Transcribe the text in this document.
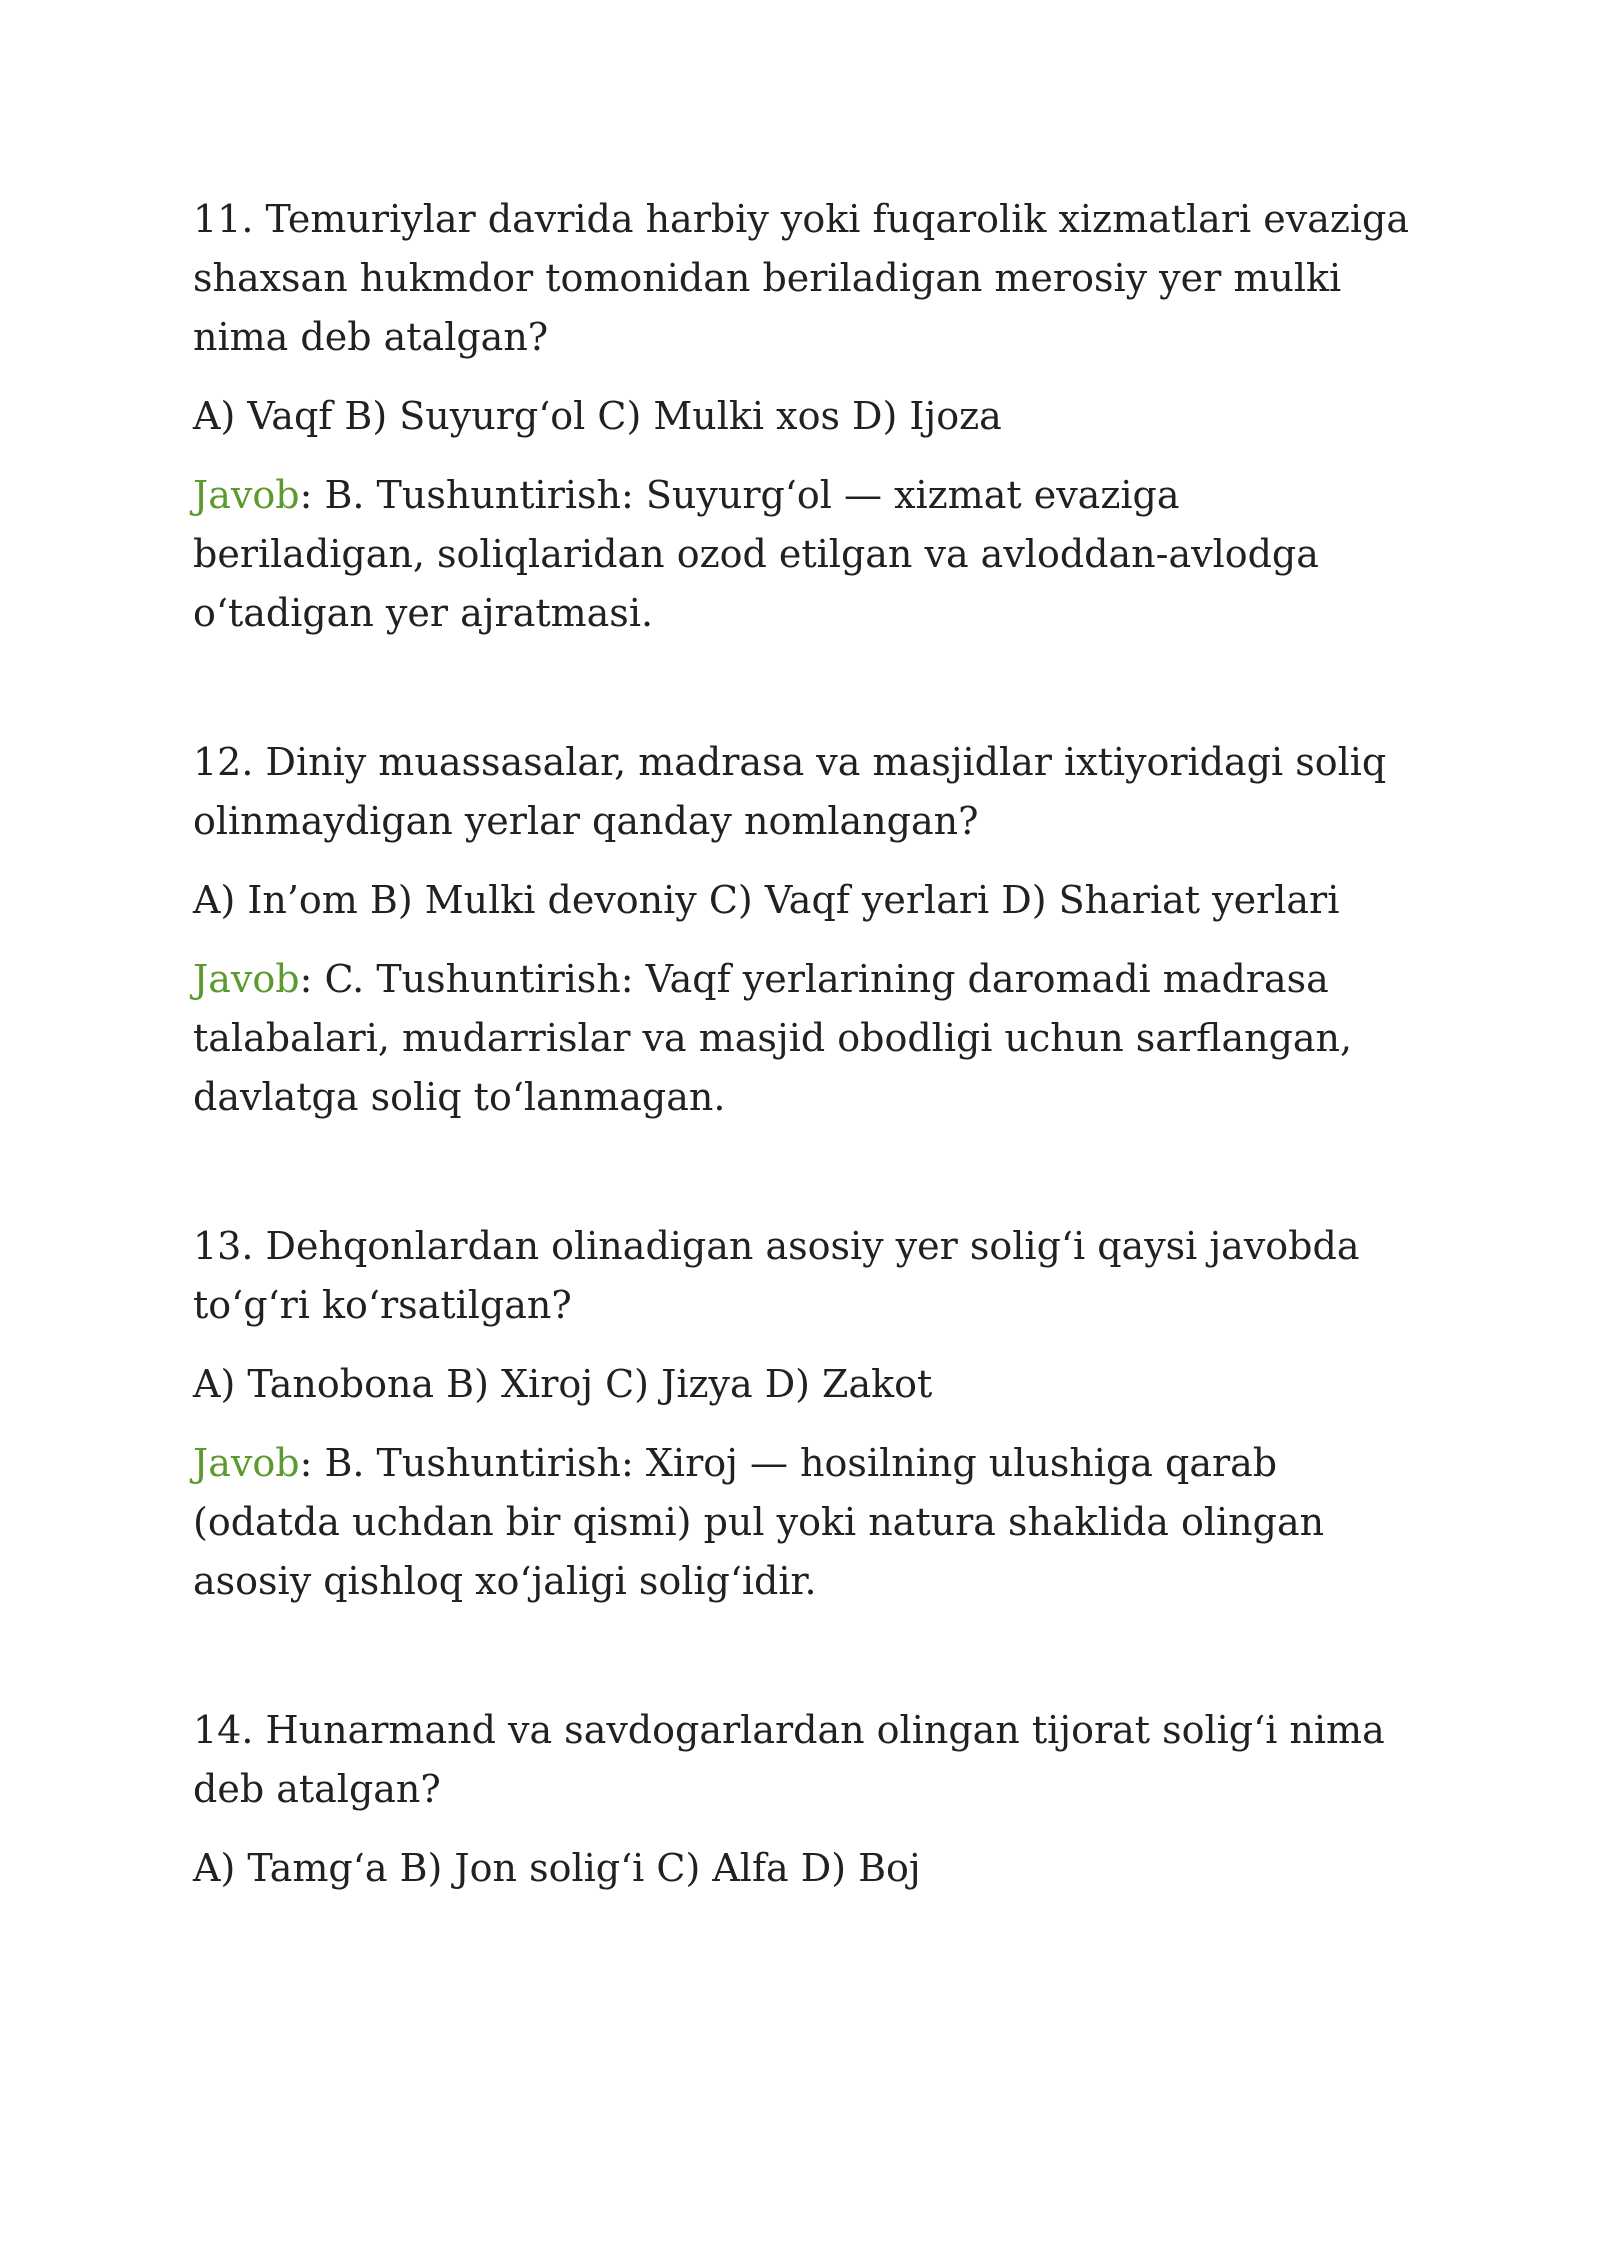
11. Temuriylar davrida harbiy yoki fuqarolik xizmatlari evaziga shaxsan hukmdor tomonidan beriladigan merosiy yer mulki nima deb atalgan?

A) Vaqf B) Suyurg‘ol C) Mulki xos D) Ijoza

Javob: B. Tushuntirish: Suyurg‘ol — xizmat evaziga beriladigan, soliqlaridan ozod etilgan va avloddan-avlodga o‘tadigan yer ajratmasi.

12. Diniy muassasalar, madrasa va masjidlar ixtiyoridagi soliq olinmaydigan yerlar qanday nomlangan?

A) In’om B) Mulki devoniy C) Vaqf yerlari D) Shariat yerlari

Javob: C. Tushuntirish: Vaqf yerlarining daromadi madrasa talabalari, mudarrislar va masjid obodligi uchun sarflangan, davlatga soliq to‘lanmagan.

13. Dehqonlardan olinadigan asosiy yer solig‘i qaysi javobda to‘g‘ri ko‘rsatilgan?

A) Tanobona B) Xiroj C) Jizya D) Zakot

Javob: B. Tushuntirish: Xiroj — hosilning ulushiga qarab (odatda uchdan bir qismi) pul yoki natura shaklida olingan asosiy qishloq xo‘jaligi solig‘idir.

14. Hunarmand va savdogarlardan olingan tijorat solig‘i nima deb atalgan?

A) Tamg‘a B) Jon solig‘i C) Alfa D) Boj
